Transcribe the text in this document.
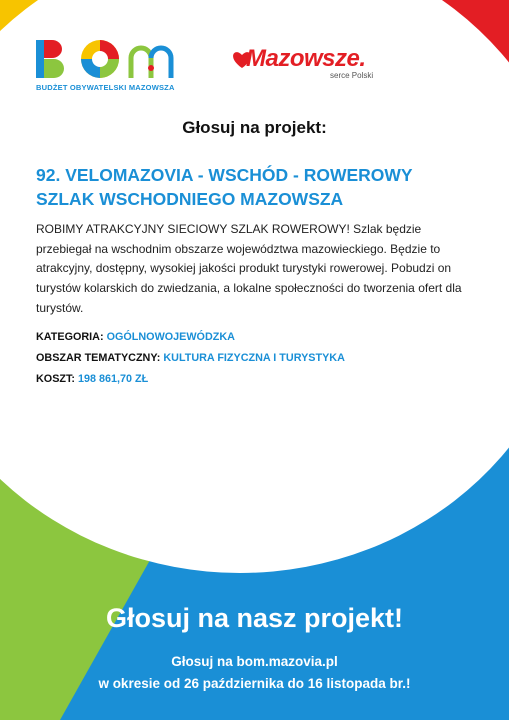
BUDŻET OBYWATELSKI MAZOWSZA
Mazowsze.
serce Polski
Głosuj na projekt:
92. VELOMAZOVIA - WSCHÓD - ROWEROWY SZLAK WSCHODNIEGO MAZOWSZA
ROBIMY ATRAKCYJNY SIECIOWY SZLAK ROWEROWY! Szlak będzie przebiegał na wschodnim obszarze województwa mazowieckiego. Będzie to atrakcyjny, dostępny, wysokiej jakości produkt turystyki rowerowej. Pobudzi on turystów kolarskich do zwiedzania, a lokalne społeczności do tworzenia ofert dla turystów.
KATEGORIA: OGÓLNOWOJEWÓDZKA
OBSZAR TEMATYCZNY: KULTURA FIZYCZNA I TURYSTYKA
KOSZT: 198 861,70 ZŁ
Głosuj na nasz projekt!
Głosuj na bom.mazovia.pl
w okresie od 26 października do 16 listopada br.!
